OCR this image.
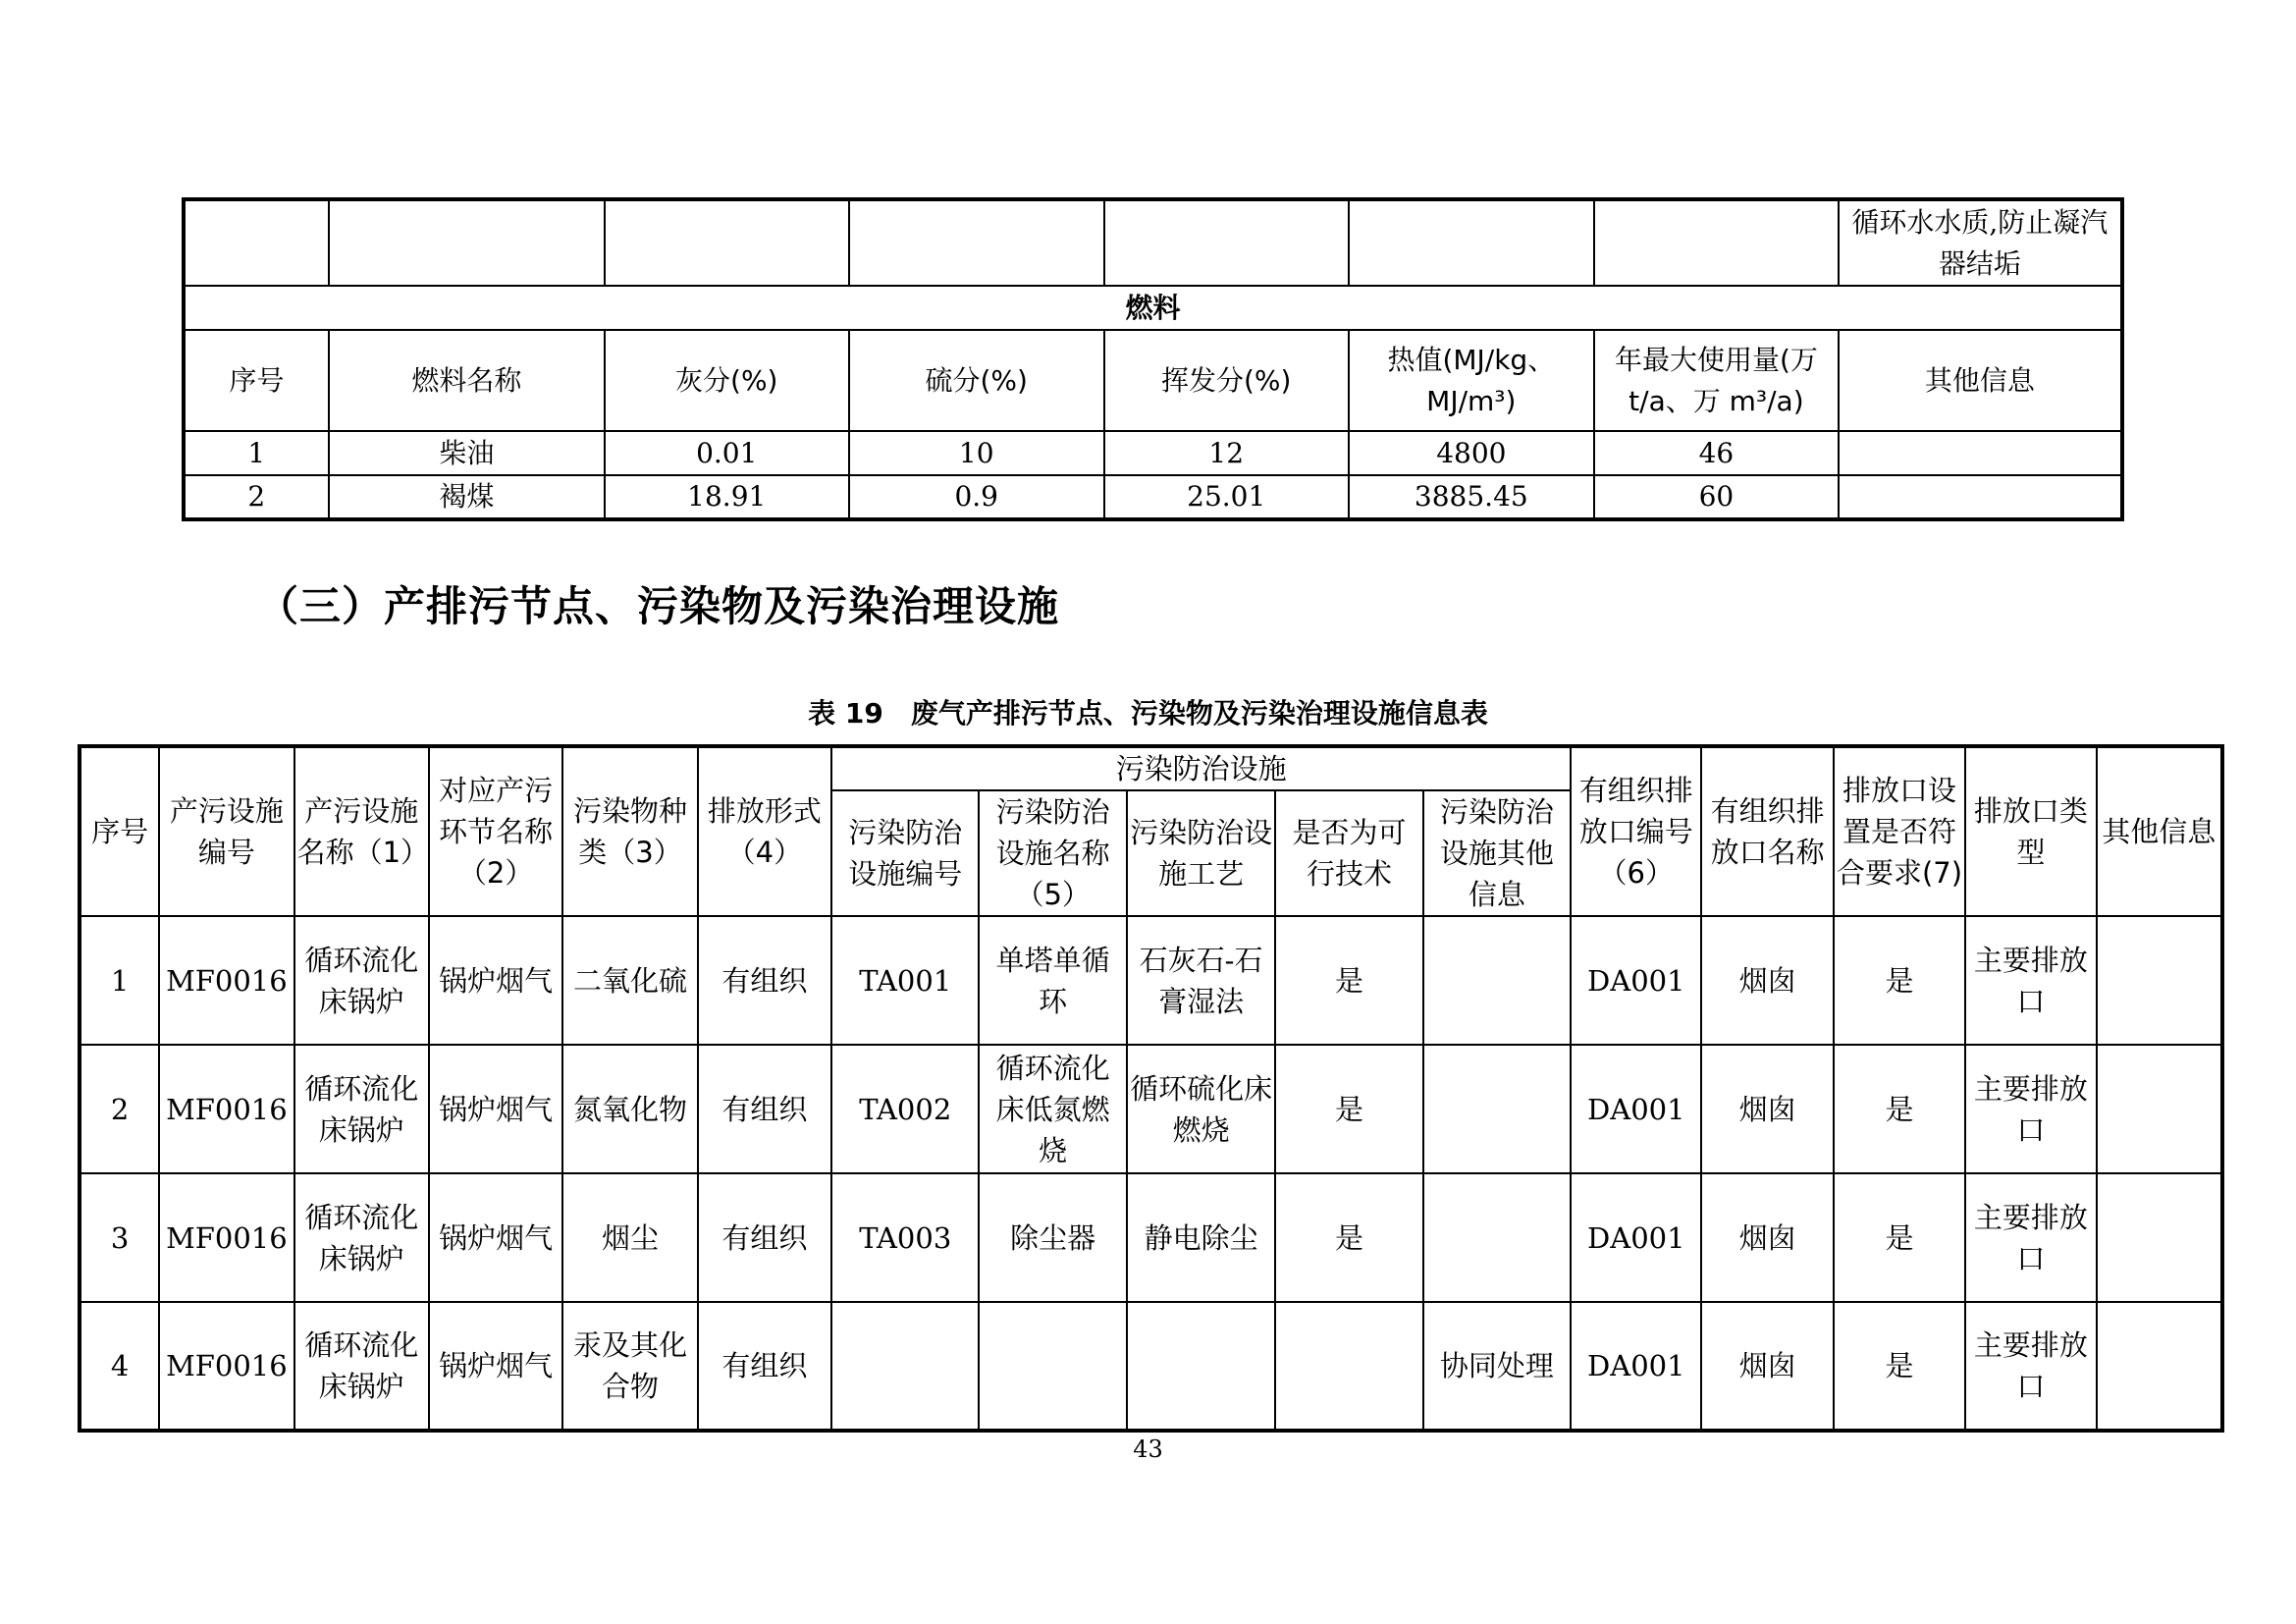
							循环水水质,防止凝汽器结垢
燃料							
序号	燃料名称	灰分(%)	硫分(%)	挥发分(%)	热值(MJ/kg、MJ/m³)	年最大使用量(万t/a、万 m³/a)	其他信息
1	柴油	0.01	10	12	4800	46	
2	褐煤	18.91	0.9	25.01	3885.45	60	
（三）产排污节点、污染物及污染治理设施
表 19　废气产排污节点、污染物及污染治理设施信息表
序号	产污设施编号	产污设施名称（1）	对应产污环节名称（2）	污染物种类（3）	排放形式（4）	污染防治设施					有组织排放口编号（6）	有组织排放口名称	排放口设置是否符合要求(7)	排放口类型	其他信息
						污染防治设施编号	污染防治设施名称（5）	污染防治设施工艺	是否为可行技术	污染防治设施其他信息					
1	MF0016	循环流化床锅炉	锅炉烟气	二氧化硫	有组织	TA001	单塔单循环	石灰石-石膏湿法	是		DA001	烟囱	是	主要排放口	
2	MF0016	循环流化床锅炉	锅炉烟气	氮氧化物	有组织	TA002	循环流化床低氮燃烧	循环硫化床燃烧	是		DA001	烟囱	是	主要排放口	
3	MF0016	循环流化床锅炉	锅炉烟气	烟尘	有组织	TA003	除尘器	静电除尘	是		DA001	烟囱	是	主要排放口	
4	MF0016	循环流化床锅炉	锅炉烟气	汞及其化合物	有组织					协同处理	DA001	烟囱	是	主要排放口	
43
